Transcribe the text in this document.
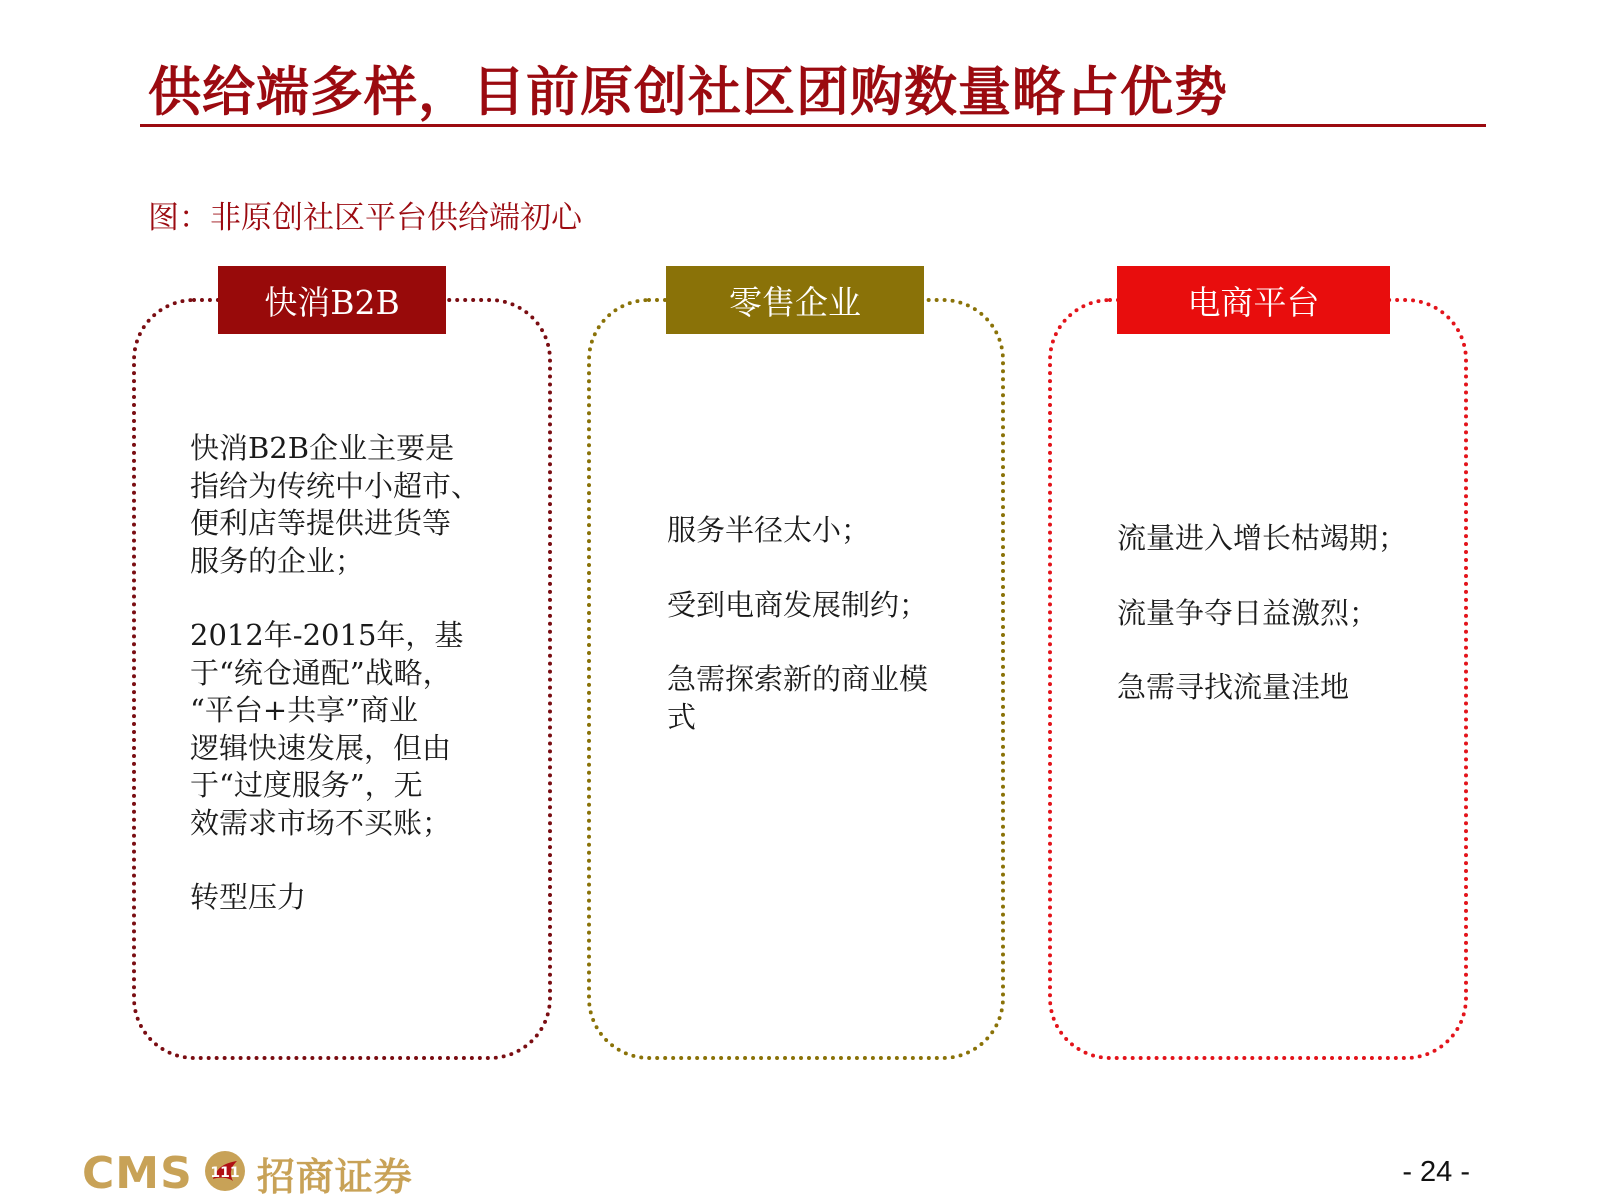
供给端多样，目前原创社区团购数量略占优势
图：非原创社区平台供给端初心
快消B2B

快消B2B企业主要是
指给为传统中小超市、
便利店等提供进货等
服务的企业；

2012年-2015年，基
于“统仓通配”战略，
“平台+共享”商业
逻辑快速发展，但由
于“过度服务”，无
效需求市场不买账；

转型压力

零售企业

服务半径太小；

受到电商发展制约；

急需探索新的商业模
式

电商平台

流量进入增长枯竭期；

流量争夺日益激烈；

急需寻找流量洼地

CMS 111 招商证券	- 24 -
